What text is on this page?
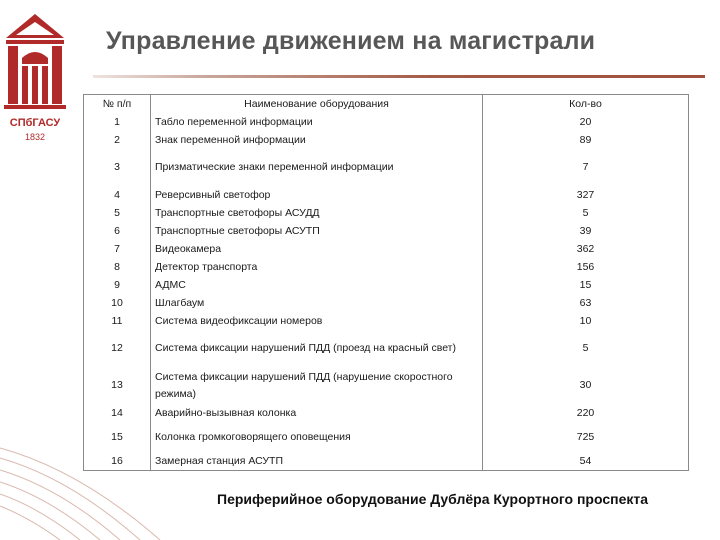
СПбГАСУ
1832
Управление движением на магистрали
№ п/п	Наименование оборудования	Кол-во
1	Табло переменной информации	20
2	Знак переменной информации	89
3	Призматические знаки переменной информации	7
4	Реверсивный светофор	327
5	Транспортные светофоры АСУДД	5
6	Транспортные светофоры АСУТП	39
7	Видеокамера	362
8	Детектор транспорта	156
9	АДМС	15
10	Шлагбаум	63
11	Система видеофиксации номеров	10
12	Система фиксации нарушений ПДД (проезд на красный свет)	5
13	Система фиксации нарушений ПДД (нарушение скоростного режима)	30
14	Аварийно-вызывная колонка	220
15	Колонка громкоговорящего оповещения	725
16	Замерная станция АСУТП	54
Периферийное оборудование Дублёра Курортного проспекта
